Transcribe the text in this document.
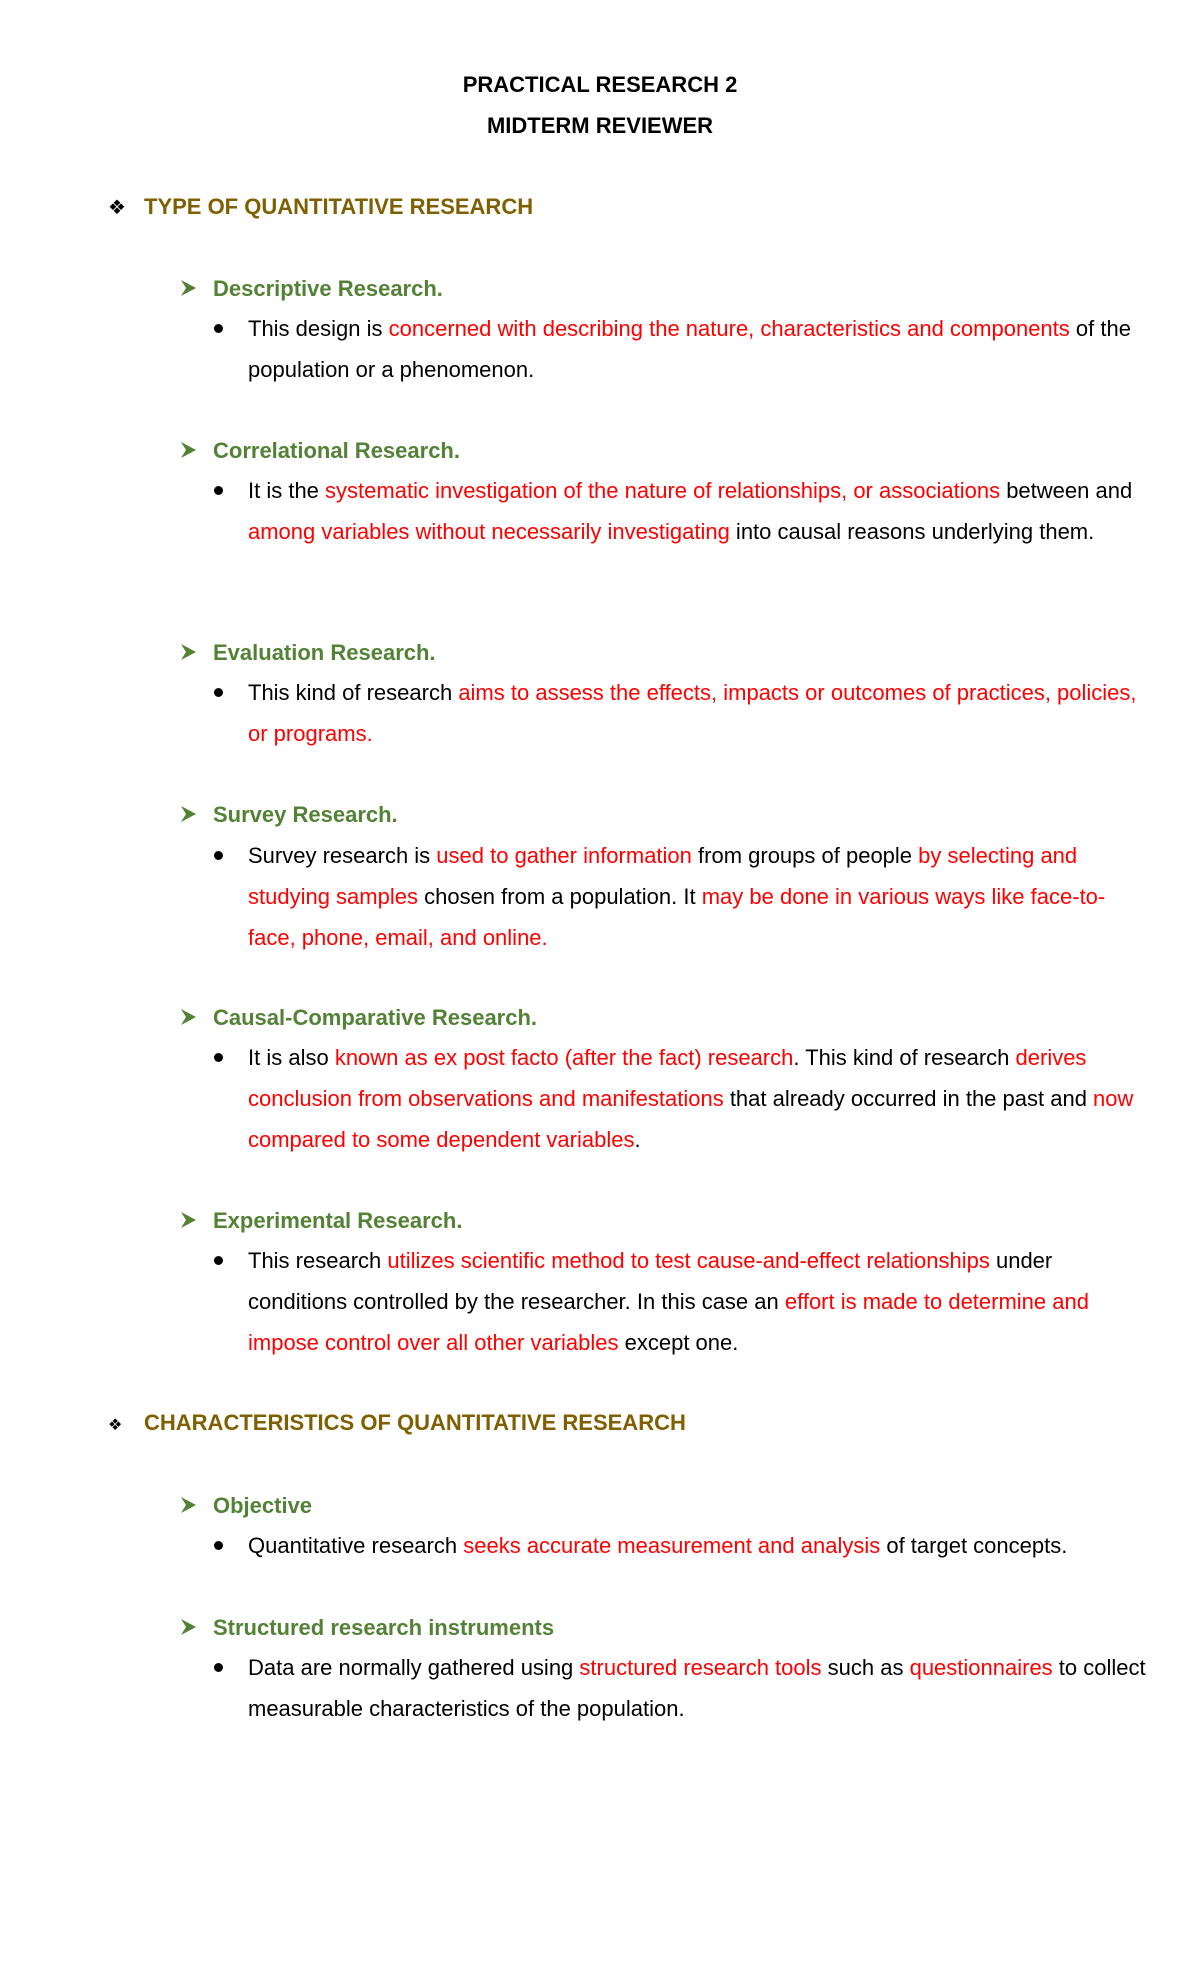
PRACTICAL RESEARCH 2
MIDTERM REVIEWER
❖ TYPE OF QUANTITATIVE RESEARCH
Descriptive Research.
This design is concerned with describing the nature, characteristics and components of the population or a phenomenon.
Correlational Research.
It is the systematic investigation of the nature of relationships, or associations between and among variables without necessarily investigating into causal reasons underlying them.
Evaluation Research.
This kind of research aims to assess the effects, impacts or outcomes of practices, policies, or programs.
Survey Research.
Survey research is used to gather information from groups of people by selecting and studying samples chosen from a population. It may be done in various ways like face-to-face, phone, email, and online.
Causal-Comparative Research.
It is also known as ex post facto (after the fact) research. This kind of research derives conclusion from observations and manifestations that already occurred in the past and now compared to some dependent variables.
Experimental Research.
This research utilizes scientific method to test cause-and-effect relationships under conditions controlled by the researcher. In this case an effort is made to determine and impose control over all other variables except one.
❖ CHARACTERISTICS OF QUANTITATIVE RESEARCH
Objective
Quantitative research seeks accurate measurement and analysis of target concepts.
Structured research instruments
Data are normally gathered using structured research tools such as questionnaires to collect measurable characteristics of the population.
